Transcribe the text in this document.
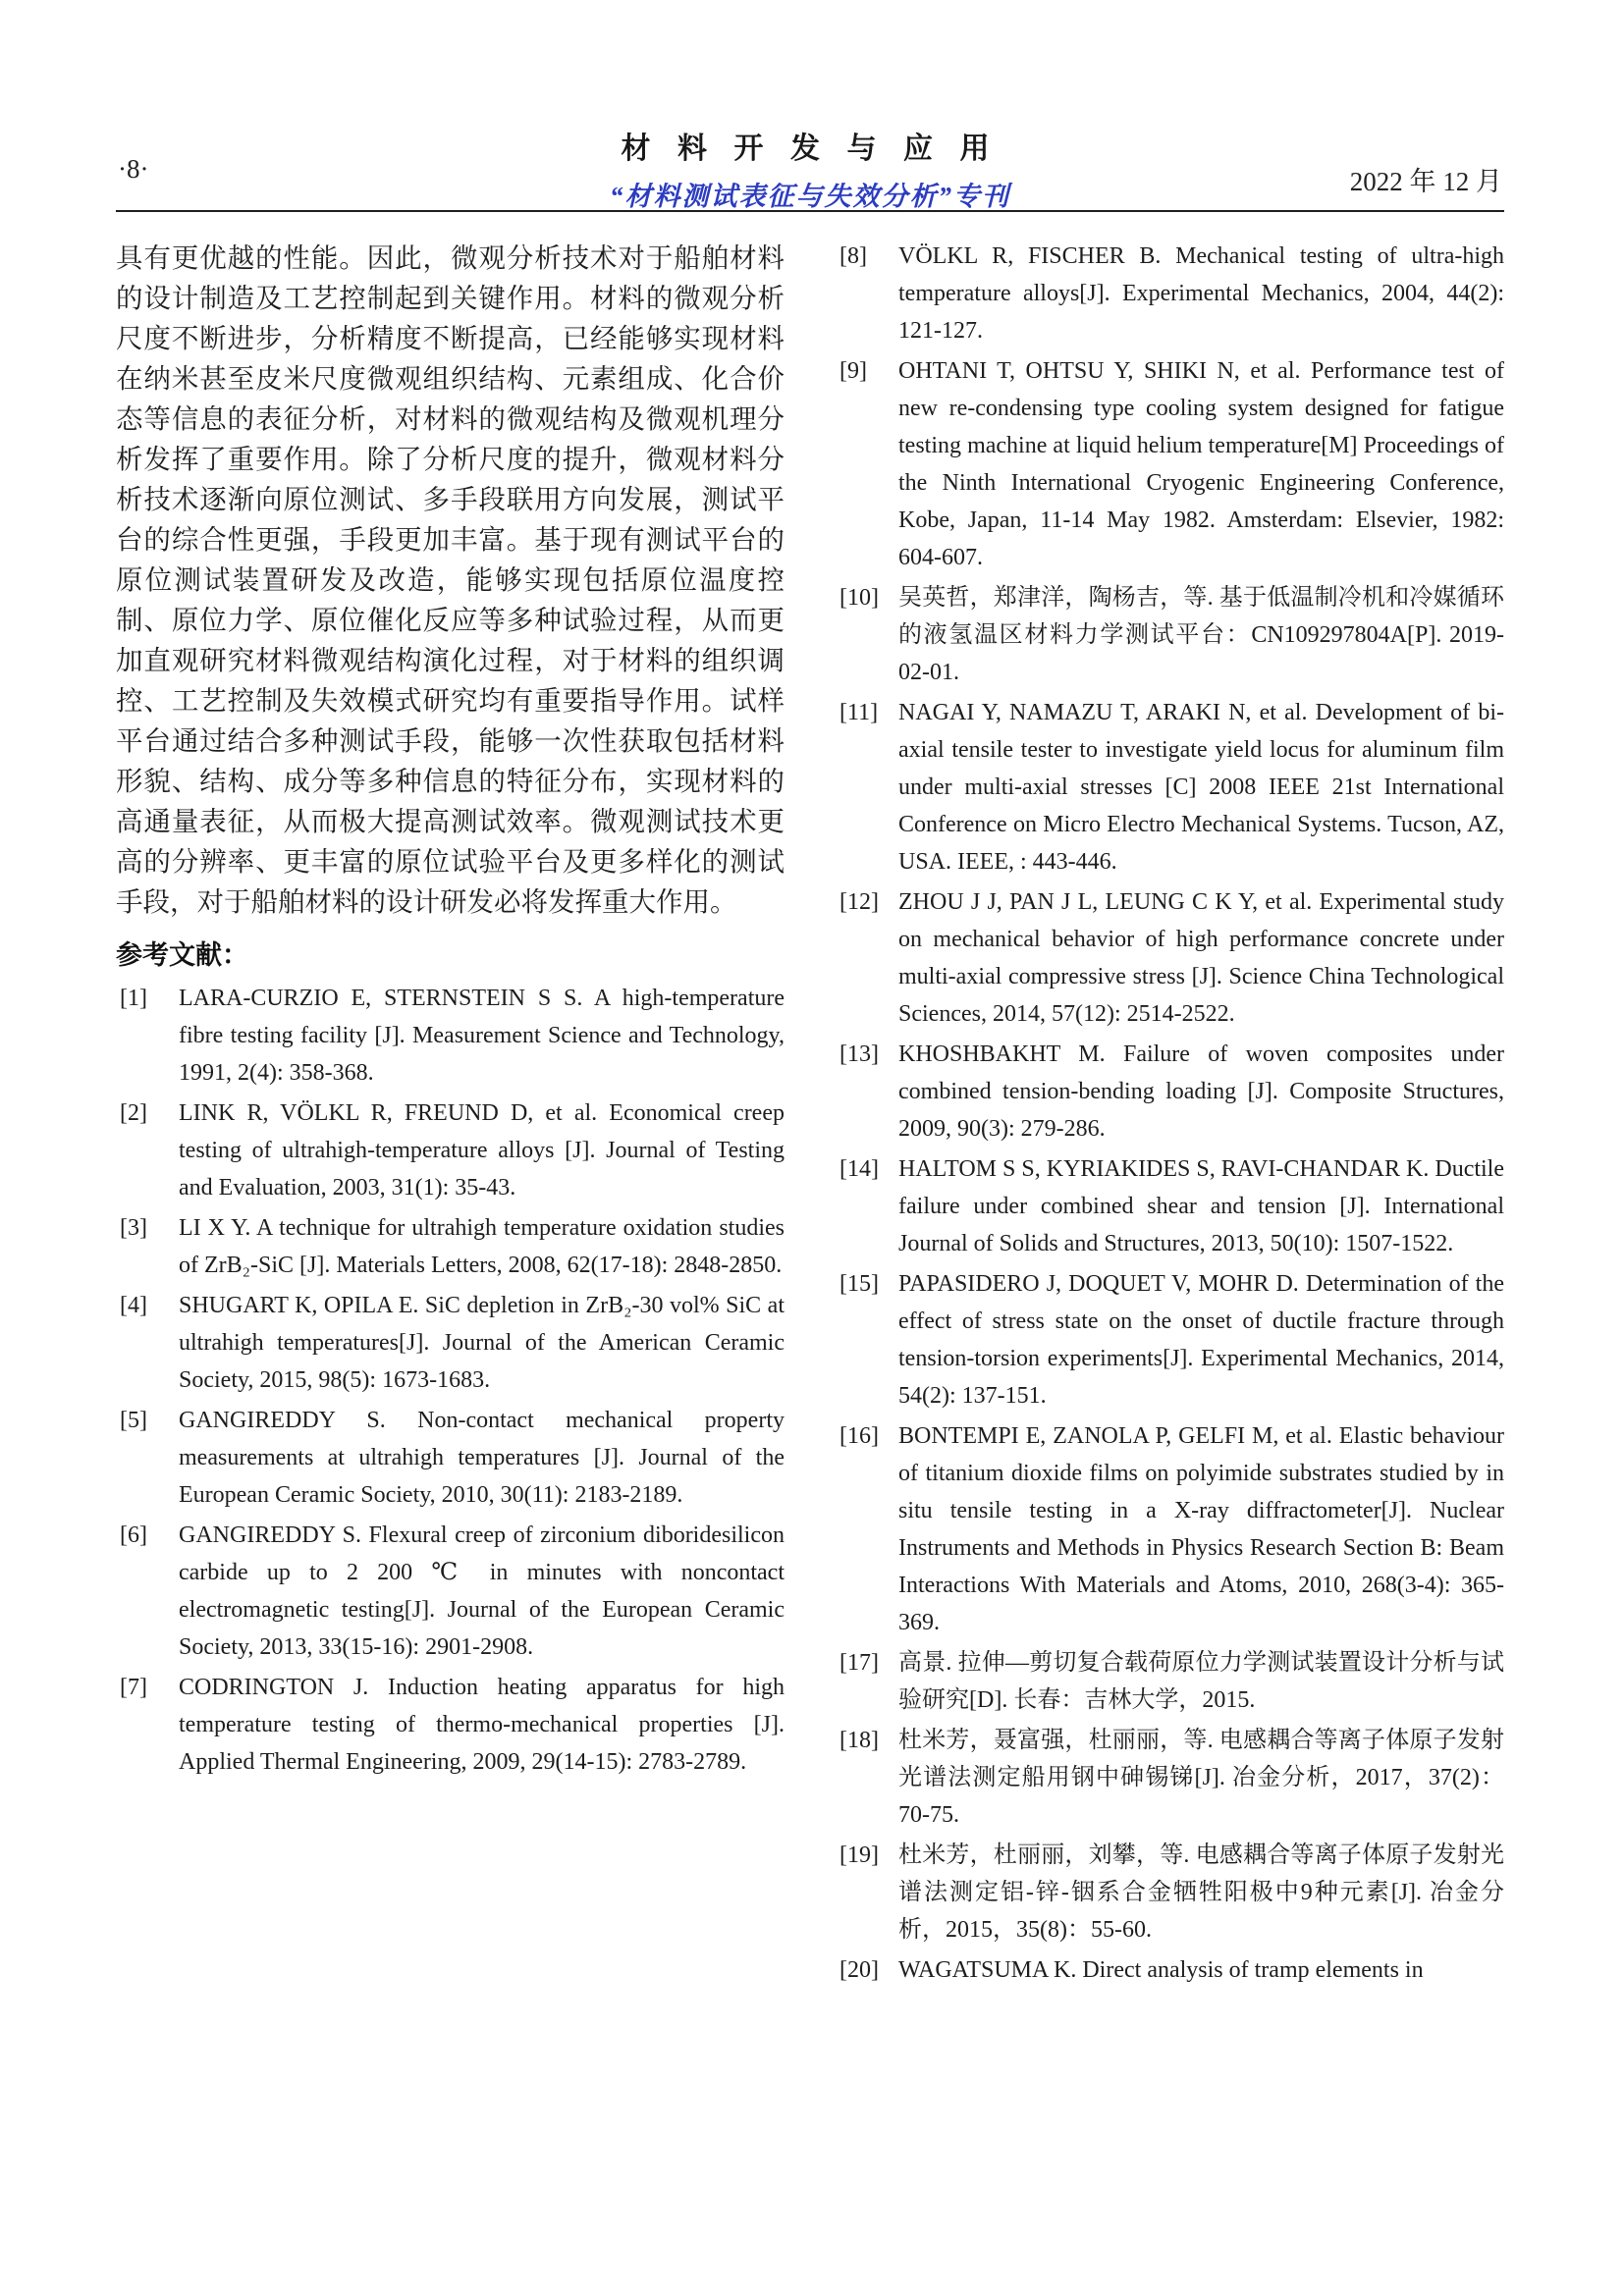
·8·
材 料 开 发 与 应 用
“材料测试表征与失效分析”专刊	2022 年 12 月

具有更优越的性能。因此，微观分析技术对于船舶材料的设计制造及工艺控制起到关键作用。材料的微观分析尺度不断进步，分析精度不断提高，已经能够实现材料在纳米甚至皮米尺度微观组织结构、元素组成、化合价态等信息的表征分析，对材料的微观结构及微观机理分析发挥了重要作用。除了分析尺度的提升，微观材料分析技术逐渐向原位测试、多手段联用方向发展，测试平台的综合性更强，手段更加丰富。基于现有测试平台的原位测试装置研发及改造，能够实现包括原位温度控制、原位力学、原位催化反应等多种试验过程，从而更加直观研究材料微观结构演化过程，对于材料的组织调控、工艺控制及失效模式研究均有重要指导作用。试样平台通过结合多种测试手段，能够一次性获取包括材料形貌、结构、成分等多种信息的特征分布，实现材料的高通量表征，从而极大提高测试效率。微观测试技术更高的分辨率、更丰富的原位试验平台及更多样化的测试手段，对于船舶材料的设计研发必将发挥重大作用。

参考文献：
[1]	LARA-CURZIO E, STERNSTEIN S S. A high-temperature fibre testing facility [J]. Measurement Science and Technology, 1991, 2(4): 358-368.
[2]	LINK R, VÖLKL R, FREUND D, et al. Economical creep testing of ultrahigh-temperature alloys [J]. Journal of Testing and Evaluation, 2003, 31(1): 35-43.
[3]	LI X Y. A technique for ultrahigh temperature oxidation studies of ZrB₂-SiC [J]. Materials Letters, 2008, 62(17-18): 2848-2850.
[4]	SHUGART K, OPILA E. SiC depletion in ZrB₂-30 vol% SiC at ultrahigh temperatures[J]. Journal of the American Ceramic Society, 2015, 98(5): 1673-1683.
[5]	GANGIREDDY S. Non-contact mechanical property measurements at ultrahigh temperatures [J]. Journal of the European Ceramic Society, 2010, 30(11): 2183-2189.
[6]	GANGIREDDY S. Flexural creep of zirconium diboridesilicon carbide up to 2 200 ℃ in minutes with noncontact electromagnetic testing[J]. Journal of the European Ceramic Society, 2013, 33(15-16): 2901-2908.
[7]	CODRINGTON J. Induction heating apparatus for high temperature testing of thermo-mechanical properties [J]. Applied Thermal Engineering, 2009, 29(14-15): 2783-2789.
[8]	VÖLKL R, FISCHER B. Mechanical testing of ultra-high temperature alloys[J]. Experimental Mechanics, 2004, 44(2): 121-127.
[9]	OHTANI T, OHTSU Y, SHIKI N, et al. Performance test of new re-condensing type cooling system designed for fatigue testing machine at liquid helium temperature[M] Proceedings of the Ninth International Cryogenic Engineering Conference, Kobe, Japan, 11-14 May 1982. Amsterdam: Elsevier, 1982: 604-607.
[10] 吴英哲，郑津洋，陶杨吉，等. 基于低温制冷机和冷媒循环的液氢温区材料力学测试平台：CN109297804A[P]. 2019-02-01.
[11] NAGAI Y, NAMAZU T, ARAKI N, et al. Development of bi-axial tensile tester to investigate yield locus for aluminum film under multi-axial stresses [C] 2008 IEEE 21st International Conference on Micro Electro Mechanical Systems. Tucson, AZ, USA. IEEE, : 443-446.
[12] ZHOU J J, PAN J L, LEUNG C K Y, et al. Experimental study on mechanical behavior of high performance concrete under multi-axial compressive stress [J]. Science China Technological Sciences, 2014, 57(12): 2514-2522.
[13] KHOSHBAKHT M. Failure of woven composites under combined tension-bending loading [J]. Composite Structures, 2009, 90(3): 279-286.
[14] HALTOM S S, KYRIAKIDES S, RAVI-CHANDAR K. Ductile failure under combined shear and tension [J]. International Journal of Solids and Structures, 2013, 50(10): 1507-1522.
[15] PAPASIDERO J, DOQUET V, MOHR D. Determination of the effect of stress state on the onset of ductile fracture through tension-torsion experiments[J]. Experimental Mechanics, 2014, 54(2): 137-151.
[16] BONTEMPI E, ZANOLA P, GELFI M, et al. Elastic behaviour of titanium dioxide films on polyimide substrates studied by in situ tensile testing in a X-ray diffractometer[J]. Nuclear Instruments and Methods in Physics Research Section B: Beam Interactions With Materials and Atoms, 2010, 268(3-4): 365-369.
[17] 高景. 拉伸—剪切复合载荷原位力学测试装置设计分析与试验研究[D]. 长春：吉林大学，2015.
[18] 杜米芳，聂富强，杜丽丽，等. 电感耦合等离子体原子发射光谱法测定船用钢中砷锡锑[J]. 冶金分析，2017，37(2)：70-75.
[19] 杜米芳，杜丽丽，刘攀，等. 电感耦合等离子体原子发射光谱法测定铝-锌-铟系合金牺牲阳极中9种元素[J]. 冶金分析，2015，35(8)：55-60.
[20] WAGATSUMA K. Direct analysis of tramp elements in
